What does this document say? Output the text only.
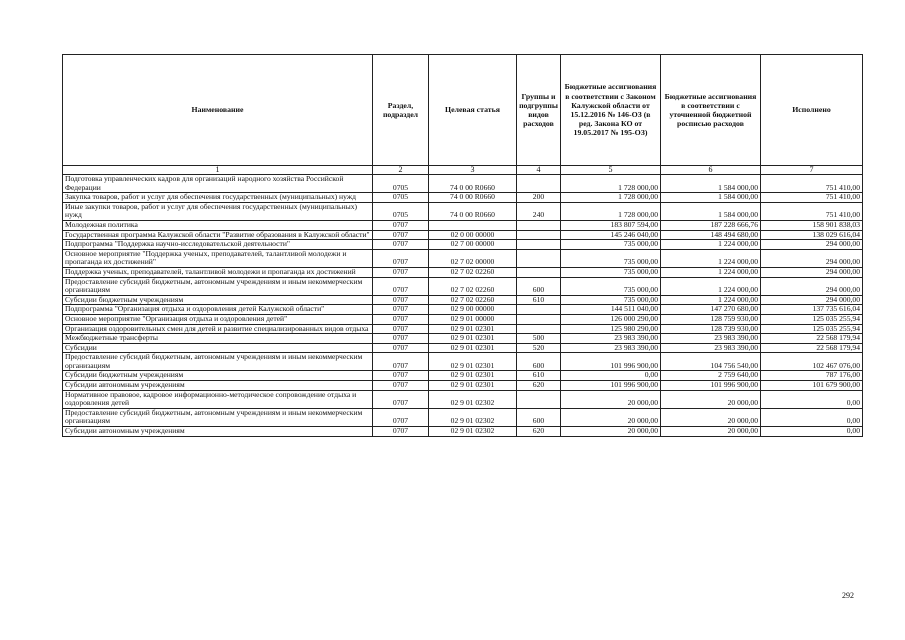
Наименование	Раздел, подраздел	Целевая статья	Группы и подгруппы видов расходов	Бюджетные ассигнования в соответствии с Законом Калужской области от 15.12.2016 № 146-ОЗ (в ред. Закона КО от 19.05.2017 № 195-ОЗ)	Бюджетные ассигнования в соответствии с уточненной бюджетной росписью расходов	Исполнено
1	2	3	4	5	6	7
Подготовка управленческих кадров для организаций народного хозяйства Российской Федерации	0705	74 0 00 R0660		1 728 000,00	1 584 000,00	751 410,00
Закупка товаров, работ и услуг для обеспечения государственных (муниципальных) нужд	0705	74 0 00 R0660	200	1 728 000,00	1 584 000,00	751 410,00
Иные закупки товаров, работ и услуг для обеспечения государственных (муниципальных) нужд	0705	74 0 00 R0660	240	1 728 000,00	1 584 000,00	751 410,00
Молодежная политика	0707			183 807 594,00	187 228 666,76	158 901 838,03
Государственная программа Калужской области "Развитие образования в Калужской области"	0707	02 0 00 00000		145 246 040,00	148 494 680,00	138 029 616,04
Подпрограмма "Поддержка научно-исследовательской деятельности"	0707	02 7 00 00000		735 000,00	1 224 000,00	294 000,00
Основное мероприятие "Поддержка ученых, преподавателей, талантливой молодежи и пропаганда их достижений"	0707	02 7 02 00000		735 000,00	1 224 000,00	294 000,00
Поддержка ученых, преподавателей, талантливой молодежи и пропаганда их достижений	0707	02 7 02 02260		735 000,00	1 224 000,00	294 000,00
Предоставление субсидий бюджетным, автономным учреждениям и иным некоммерческим организациям	0707	02 7 02 02260	600	735 000,00	1 224 000,00	294 000,00
Субсидии бюджетным учреждениям	0707	02 7 02 02260	610	735 000,00	1 224 000,00	294 000,00
Подпрограмма "Организация отдыха и оздоровления детей Калужской области"	0707	02 9 00 00000		144 511 040,00	147 270 680,00	137 735 616,04
Основное мероприятие "Организация отдыха и оздоровления детей"	0707	02 9 01 00000		126 000 290,00	128 759 930,00	125 035 255,94
Организация оздоровительных смен для детей и развитие специализированных видов отдыха	0707	02 9 01 02301		125 980 290,00	128 739 930,00	125 035 255,94
Межбюджетные трансферты	0707	02 9 01 02301	500	23 983 390,00	23 983 390,00	22 568 179,94
Субсидии	0707	02 9 01 02301	520	23 983 390,00	23 983 390,00	22 568 179,94
Предоставление субсидий бюджетным, автономным учреждениям и иным некоммерческим организациям	0707	02 9 01 02301	600	101 996 900,00	104 756 540,00	102 467 076,00
Субсидии бюджетным учреждениям	0707	02 9 01 02301	610	0,00	2 759 640,00	787 176,00
Субсидии автономным учреждениям	0707	02 9 01 02301	620	101 996 900,00	101 996 900,00	101 679 900,00
Нормативное правовое, кадровое информационно-методическое сопровождение отдыха и оздоровления детей	0707	02 9 01 02302		20 000,00	20 000,00	0,00
Предоставление субсидий бюджетным, автономным учреждениям и иным некоммерческим организациям	0707	02 9 01 02302	600	20 000,00	20 000,00	0,00
Субсидии автономным учреждениям	0707	02 9 01 02302	620	20 000,00	20 000,00	0,00
292
